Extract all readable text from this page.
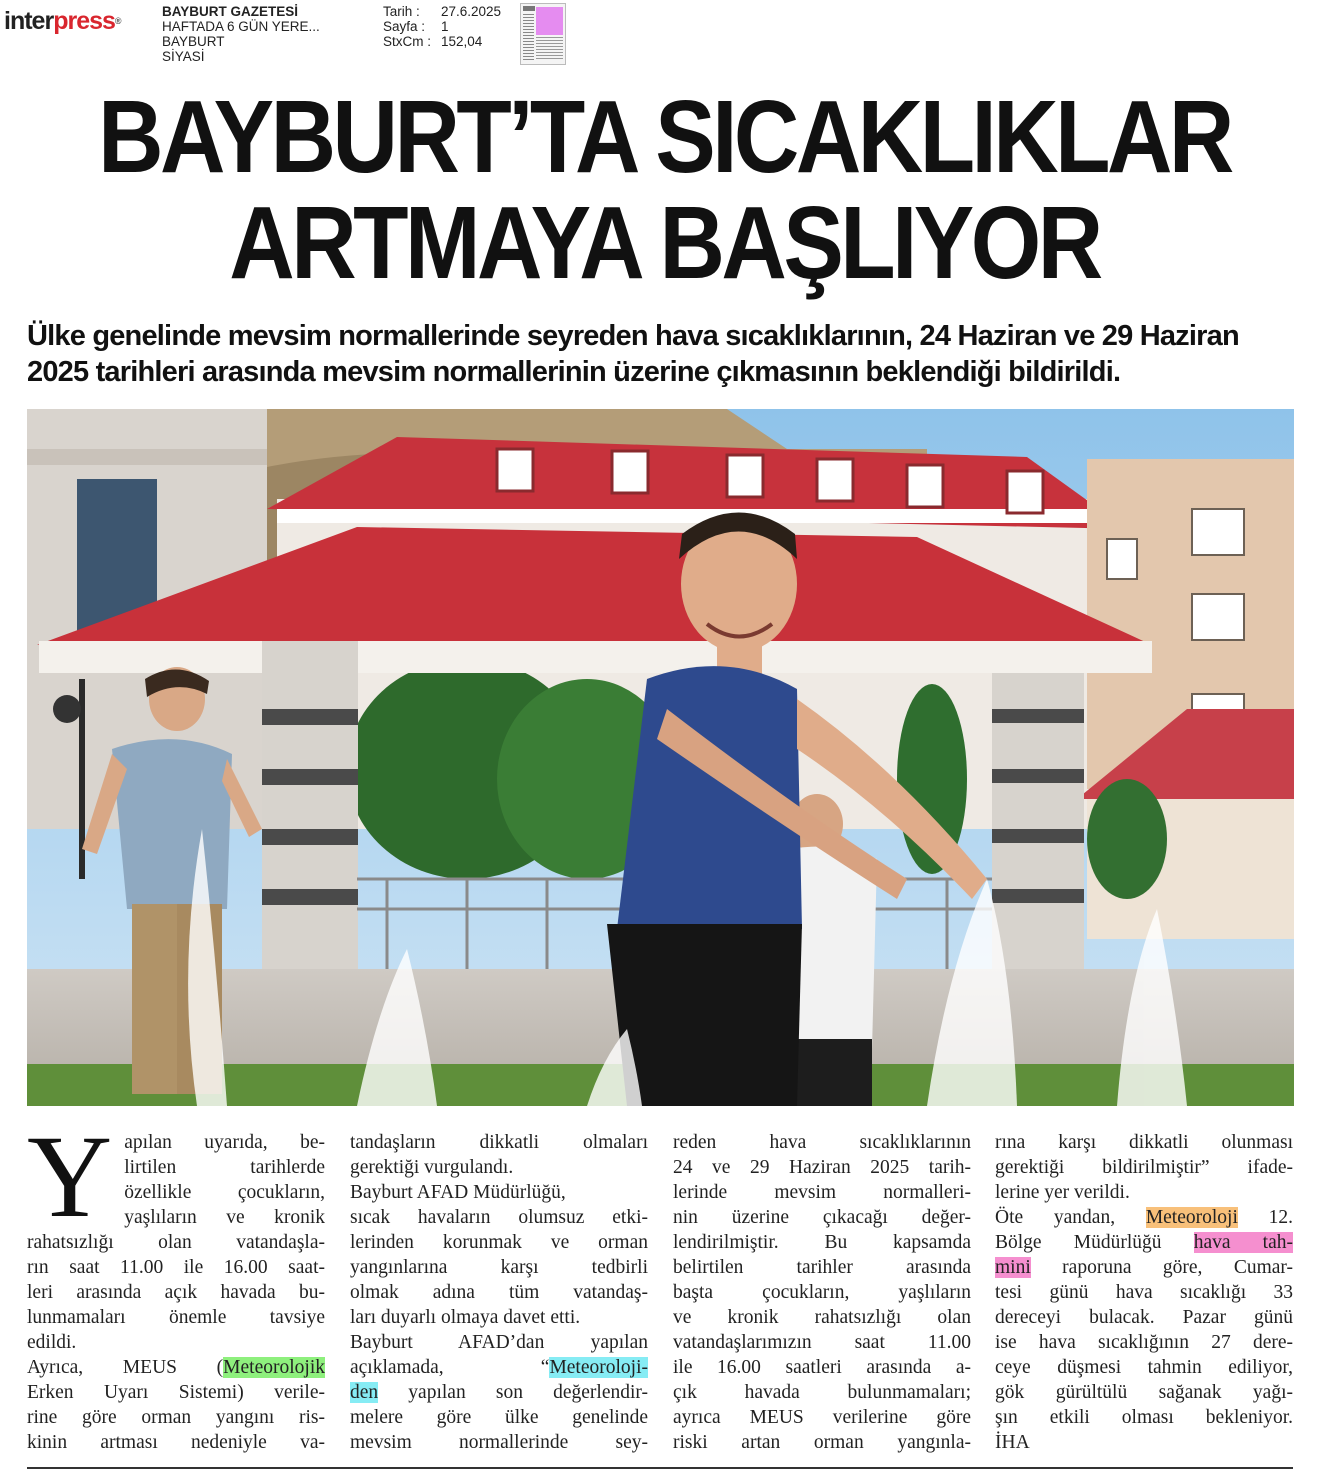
interpress®
BAYBURT GAZETESİ
HAFTADA 6 GÜN YERE...
BAYBURT
SİYASİ
Tarih :	27.6.2025
Sayfa :	1
StxCm : 152,04
BAYBURT’TA SICAKLIKLAR
ARTMAYA BAŞLIYOR
Ülke genelinde mevsim normallerinde seyreden hava sıcaklıklarının, 24 Haziran ve 29 Haziran
2025 tarihleri arasında mevsim normallerinin üzerine çıkmasının beklendiği bildirildi.
Y apılan uyarıda, be-
lirtilen tarihlerde
özellikle çocukların,
yaşlıların ve kronik
rahatsızlığı olan vatandaşla-
rın saat 11.00 ile 16.00 saat-
leri arasında açık havada bu-
lunmamaları önemle tavsiye
edildi.
Ayrıca, MEUS (Meteorolojik
Erken Uyarı Sistemi) verile-
rine göre orman yangını ris-
kinin artması nedeniyle va-
tandaşların dikkatli olmaları
gerektiği vurgulandı.
Bayburt AFAD Müdürlüğü,
sıcak havaların olumsuz etki-
lerinden korunmak ve orman
yangınlarına karşı tedbirli
olmak adına tüm vatandaş-
ları duyarlı olmaya davet etti.
Bayburt AFAD’dan yapılan
açıklamada, “Meteoroloji-
den yapılan son değerlendir-
melere göre ülke genelinde
mevsim normallerinde sey-
reden hava sıcaklıklarının
24 ve 29 Haziran 2025 tarih-
lerinde mevsim normalleri-
nin üzerine çıkacağı değer-
lendirilmiştir. Bu kapsamda
belirtilen tarihler arasında
başta çocukların, yaşlıların
ve kronik rahatsızlığı olan
vatandaşlarımızın saat 11.00
ile 16.00 saatleri arasında a-
çık havada bulunmamaları;
ayrıca MEUS verilerine göre
riski artan orman yangınla-
rına karşı dikkatli olunması
gerektiği bildirilmiştir” ifade-
lerine yer verildi.
Öte yandan, Meteoroloji 12.
Bölge Müdürlüğü hava tah-
mini raporuna göre, Cumar-
tesi günü hava sıcaklığı 33
dereceyi bulacak. Pazar günü
ise hava sıcaklığının 27 dere-
ceye düşmesi tahmin ediliyor,
gök gürültülü sağanak yağı-
şın etkili olması bekleniyor.
İHA
